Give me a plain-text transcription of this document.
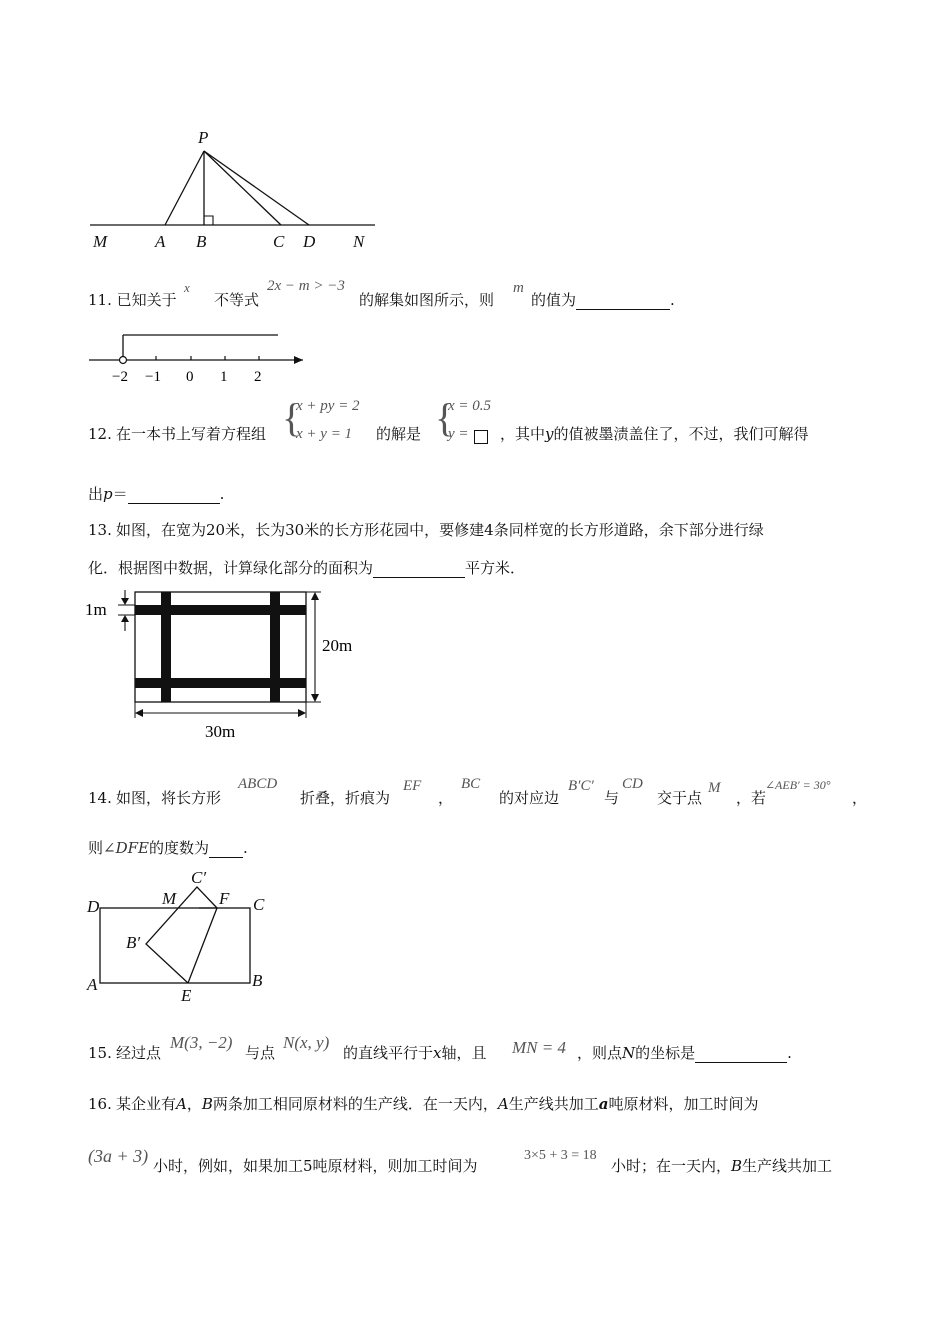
P
M	A B	C D N
11. 已知关于
x
不等式
2x − m > −3
的解集如图所示，则
m
的值为	.
−2 −1 0 1 2
12. 在一本书上写着方程组 {
x + py = 2
x + y = 1 的解是 {
x = 0.5
y = ，其中y的值被墨渍盖住了，不过，我们可解得
出p＝	.
13. 如图，在宽为20米，长为30米的长方形花园中，要修建4条同样宽的长方形道路，余下部分进行绿
化．根据图中数据，计算绿化部分的面积为	平方米．
1m
20m
30m
14. 如图，将长方形
ABCD
折叠，折痕为
EF
，
BC
的对应边
B′C′
与
CD
交于点
M
，若
∠AEB′ = 30°
，
则∠DFE的度数为 .
D	M
C′
F C
B′
A
E
B
15. 经过点
M(3, −2)
与点
N(x, y)
的直线平行于x轴，且 MN = 4 ，则点N的坐标是	.
16. 某企业有A，B两条加工相同原材料的生产线．在一天内，A生产线共加工a吨原材料，加工时间为
(3a + 3) 小时，例如，如果加工5吨原材料，则加工时间为
3×5 + 3 = 18
小时；在一天内，B生产线共加工
